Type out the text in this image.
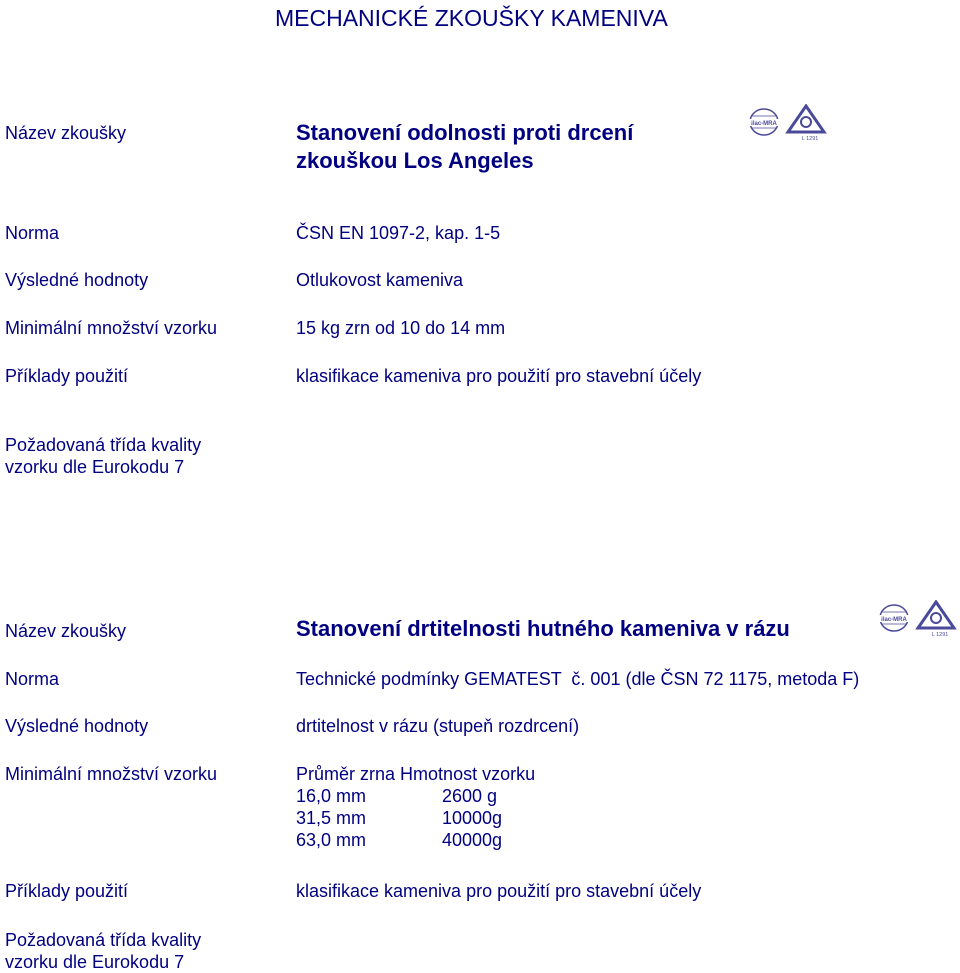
MECHANICKÉ ZKOUŠKY KAMENIVA
Název zkoušky	Stanovení odolnosti proti drcení
zkouškou Los Angeles
ilac-MRA
L 1291
Norma	ČSN EN 1097-2, kap. 1-5
Výsledné hodnoty	Otlukovost kameniva
Minimální množství vzorku	15 kg zrn od 10 do 14 mm
Příklady použití	klasifikace kameniva pro použití pro stavební účely
Požadovaná třída kvality
vzorku dle Eurokodu 7
Název zkoušky	Stanovení drtitelnosti hutného kameniva v rázu	ilac-MRA
L 1291
Norma	Technické podmínky GEMATEST  č. 001 (dle ČSN 72 1175, metoda F)
Výsledné hodnoty	drtitelnost v rázu (stupeň rozdrcení)
Minimální množství vzorku	Průměr zrna Hmotnost vzorku
16,0 mm	2600 g
31,5 mm	10000g
63,0 mm	40000g
Příklady použití	klasifikace kameniva pro použití pro stavební účely
Požadovaná třída kvality
vzorku dle Eurokodu 7
